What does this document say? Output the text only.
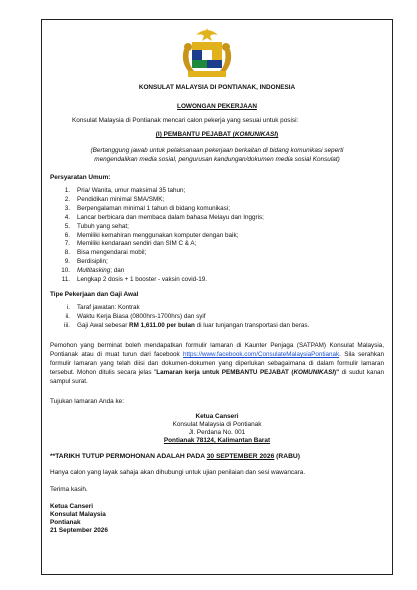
KONSULAT MALAYSIA DI PONTIANAK, INDONESIA
LOWONGAN PEKERJAAN
Konsulat Malaysia di Pontianak mencari calon pekerja yang sesuai untuk posisi:
(I) PEMBANTU PEJABAT (KOMUNIKASI)
(Bertanggung jawab untuk pelaksanaan pekerjaan berkaitan di bidang komunikasi seperti
mengendalikan media sosial, pengurusan kandungan/dokumen media sosial Konsulat)
Persyaratan Umum:
1. Pria/ Wanita, umur maksimal 35 tahun;
2. Pendidikan minimal SMA/SMK;
3. Berpengalaman minimal 1 tahun di bidang komunikasi;
4. Lancar berbicara dan membaca dalam bahasa Melayu dan Inggris;
5. Tubuh yang sehat;
6. Memiliki kemahiran menggunakan komputer dengan baik;
7. Memiliki kendaraan sendiri dan SIM C & A;
8. Bisa mengendarai mobil;
9. Berdisiplin;
10. Multitasking; dan
11. Lengkap 2 dosis + 1 booster - vaksin covid-19.
Tipe Pekerjaan dan Gaji Awal
i. Taraf jawatan: Kontrak
ii. Waktu Kerja Biasa (0800hrs-1700hrs) dan syif
iii. Gaji Awal sebesar RM 1,611.00 per bulan di luar tunjangan transportasi dan beras.
Pemohon yang berminat boleh mendapatkan formulir lamaran di Kaunter Penjaga (SATPAM) Konsulat Malaysia, Pontianak atau di muat turun dari facebook https://www.facebook.com/ConsulateMalaysiaPontianak. Sila serahkan formulir lamaran yang telah diisi dan dokumen-dokumen yang diperlukan sebagaimana di dalam formulir lamaran tersebut. Mohon ditulis secara jelas "Lamaran kerja untuk PEMBANTU PEJABAT (KOMUNIKASI)" di sudut kanan sampul surat.
Tujukan lamaran Anda ke:
Ketua Canseri
Konsulat Malaysia di Pontianak
Jl. Perdana No. 001
Pontianak 78124, Kalimantan Barat
**TARIKH TUTUP PERMOHONAN ADALAH PADA 30 SEPTEMBER 2026 (RABU)
Hanya calon yang layak sahaja akan dihubungi untuk ujian penilaian dan sesi wawancara.
Terima kasih.
Ketua Canseri
Konsulat Malaysia
Pontianak
21 September 2026
